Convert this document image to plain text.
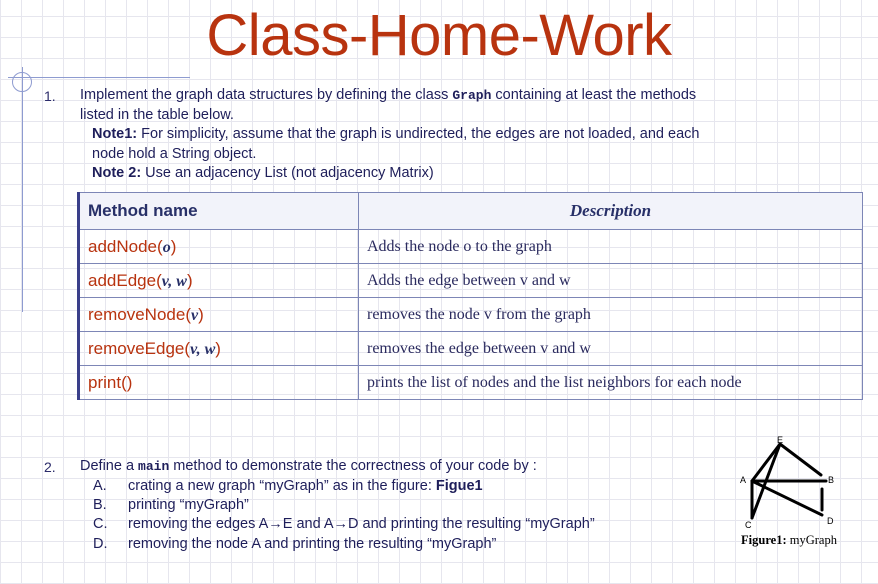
Class-Home-Work
1. Implement the graph data structures by defining the class Graph containing at least the methods
listed in the table below.
Note1: For simplicity, assume that the graph is undirected, the edges are not loaded, and each
node hold a String object.
Note 2: Use an adjacency List (not adjacency Matrix)
Method name	Description
addNode(o)	Adds the node o to the graph
addEdge(v, w)	Adds the edge between v and w
removeNode(v)	removes the node v from the graph
removeEdge(v, w)	removes the edge between v and w
print()	prints the list of nodes and the list neighbors for each node
2. Define a main method to demonstrate the correctness of your code by :
A. crating a new graph “myGraph” as in the figure: Figue1
B. printing “myGraph”
C. removing the edges A→E and A→D and printing the resulting “myGraph”
D. removing the node A and printing the resulting “myGraph”
E
A	B
C	D
Figure1: myGraph
